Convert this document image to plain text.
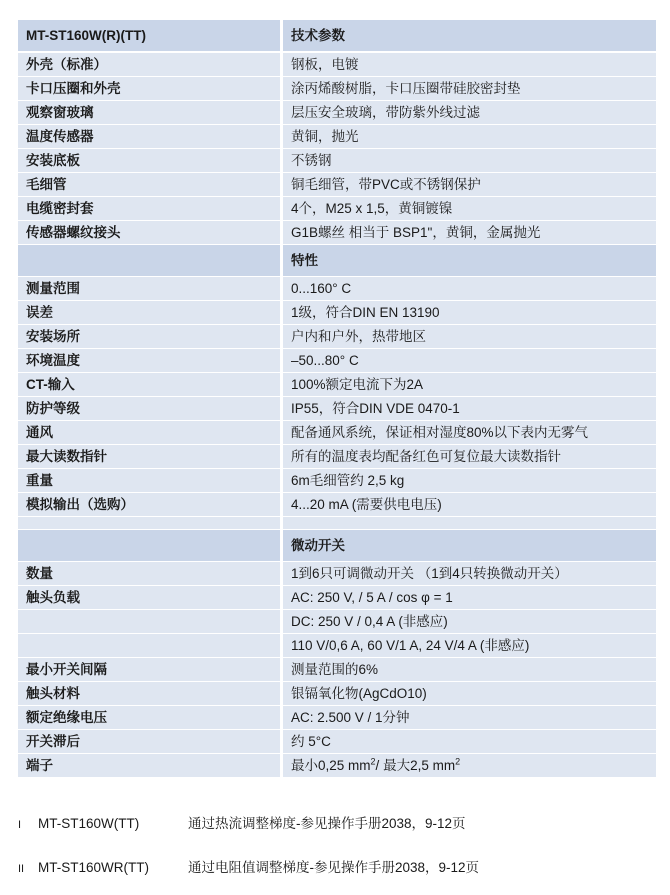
MT-ST160W(R)(TT)	技术参数
外壳（标准）	钢板，电镀
卡口压圈和外壳	涂丙烯酸树脂，卡口压圈带硅胶密封垫
观察窗玻璃	层压安全玻璃，带防紫外线过滤
温度传感器	黄铜，抛光
安装底板	不锈钢
毛细管	铜毛细管，带PVC或不锈钢保护
电缆密封套	4个，M25 x 1,5，黄铜镀镍
传感器螺纹接头	G1B螺丝 相当于 BSP1"，黄铜，金属抛光
	特性
测量范围	0...160° C
误差	1级，符合DIN EN 13190
安装场所	户内和户外，热带地区
环境温度	–50...80° C
CT-输入	100%额定电流下为2A
防护等级	IP55，符合DIN VDE 0470-1
通风	配备通风系统，保证相对湿度80%以下表内无雾气
最大读数指针	所有的温度表均配备红色可复位最大读数指针
重量	6m毛细管约 2,5 kg
模拟输出（选购）	4...20 mA (需要供电电压)

	微动开关
数量	1到6只可调微动开关 （1到4只转换微动开关）
触头负载	AC: 250 V, / 5 A / cos φ = 1
	DC: 250 V / 0,4 A (非感应)
	110 V/0,6 A, 60 V/1 A, 24 V/4 A (非感应)
最小开关间隔	测量范围的6%
触头材料	银镉氧化物(AgCdO10)
额定绝缘电压	AC: 2.500 V / 1分钟
开关滞后	约 5°C
端子	最小0,25 $mm^2/$ 最大2,5 $mm^2$
I MT-ST160W(TT)	通过热流调整梯度-参见操作手册2038，9-12页
II MT-ST160WR(TT)	通过电阻值调整梯度-参见操作手册2038，9-12页
